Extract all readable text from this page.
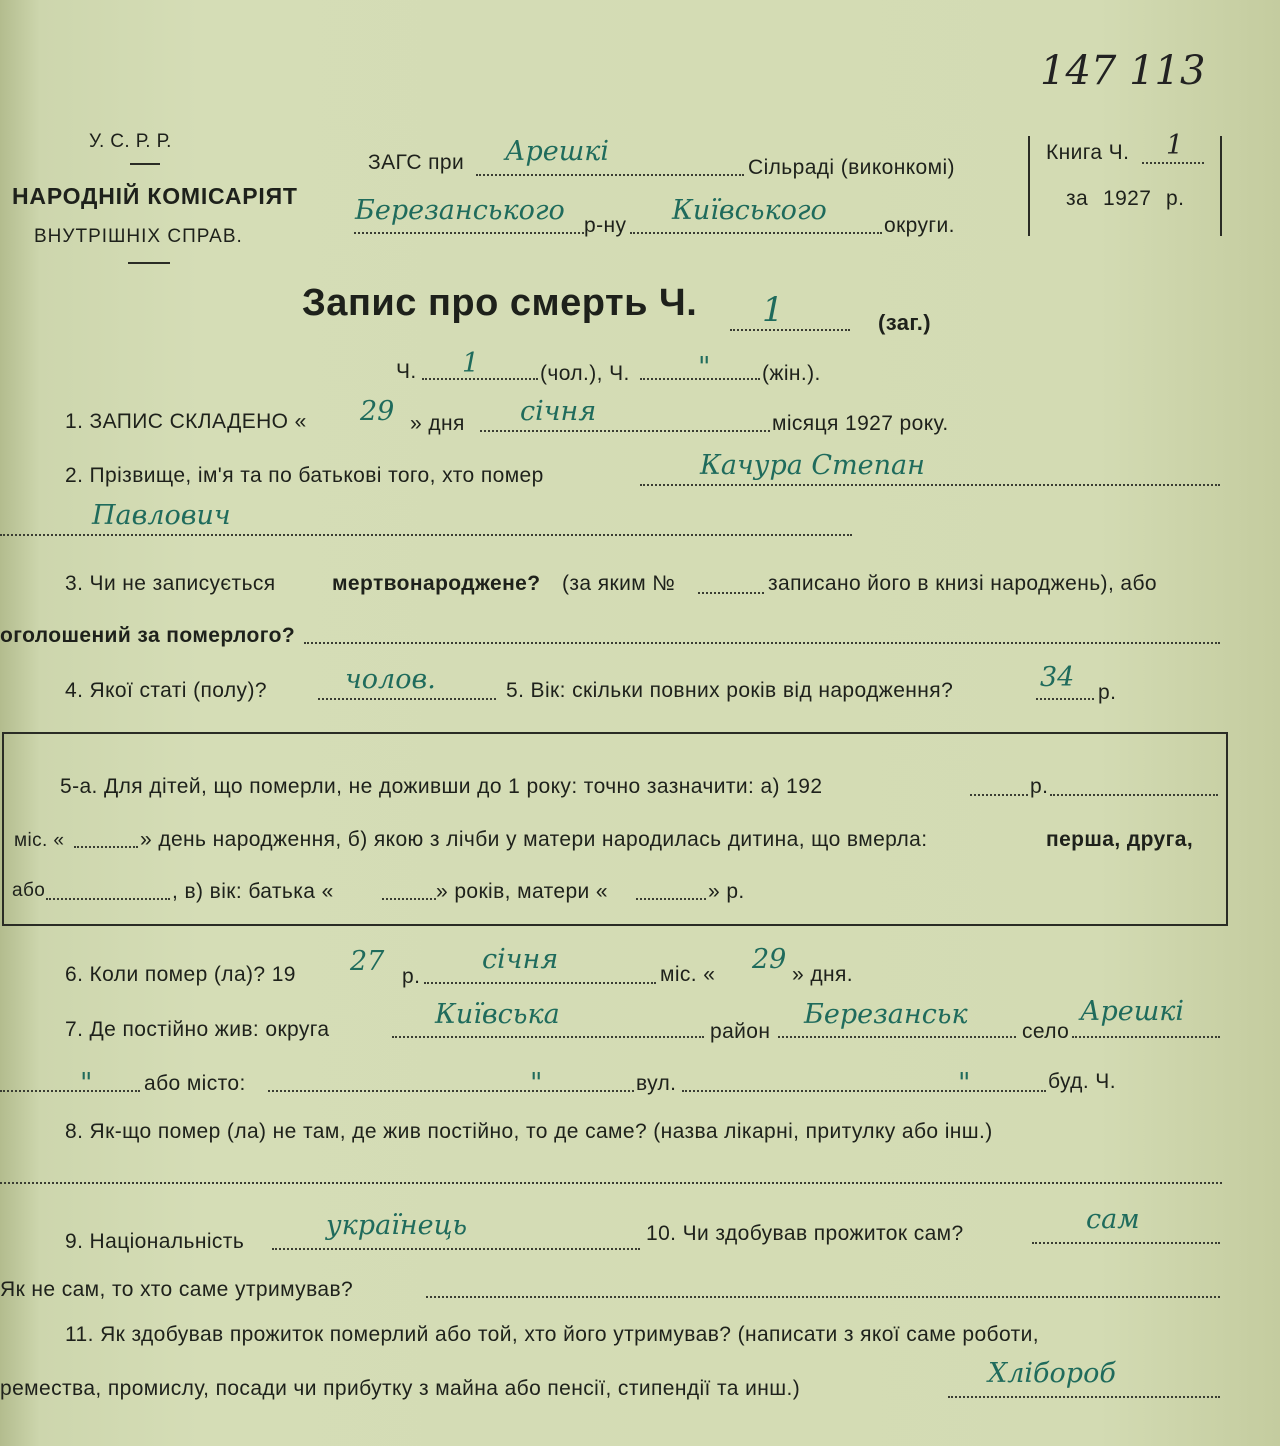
147 113
У. С. Р. Р.
НАРОДНІЙ КОМІСАРІЯТ
ВНУТРІШНІХ СПРАВ.
ЗАГС при Арешкі
Сільраді (виконкомі)
Березанського р-ну Київського	округи.
Книга Ч. 1
за 1927 р.
Запис про смерть Ч. 1	(заг.)
Ч. 1	(чол.), Ч.	" (жін.).
1. ЗАПИС СКЛАДЕНО « 29 » дня січня	місяця 1927 року.
2. Прізвище, ім'я та по батькові того, хто помер	Качура Степан
Павлович
3. Чи не записується	мертвонароджене? (за яким №	записано його в книзі народжень), або
оголошений за померлого?
4. Якої статі (полу)?	чолов.	5. Вік: скільки повних років від народження?	34 р.
5-а. Для дітей, що померли, не доживши до 1 року: точно зазначити: а) 192	р.
міс. «	» день народження, б) якою з лічби у матери народилась дитина, що вмерла:	перша, друга,
або	, в) вік: батька «	» років, матери «	» р.
6. Коли помер (ла)? 19 27 р.
січня	міс. « 29 » дня.
7. Де постійно жив: округа	Київська
район
Березанськ
село
Арешкі
" або місто:	"	вул.	"	буд. Ч.
8. Як-що помер (ла) не там, де жив постійно, то де саме? (назва лікарні, притулку або інш.)
9. Національність
українець	10. Чи здобував прожиток сам?	сам
Як не сам, то хто саме утримував?
11. Як здобував прожиток померлий або той, хто його утримував? (написати з якої саме роботи,
ремества, промислу, посади чи прибутку з майна або пенсії, стипендії та инш.)	Хлібороб
